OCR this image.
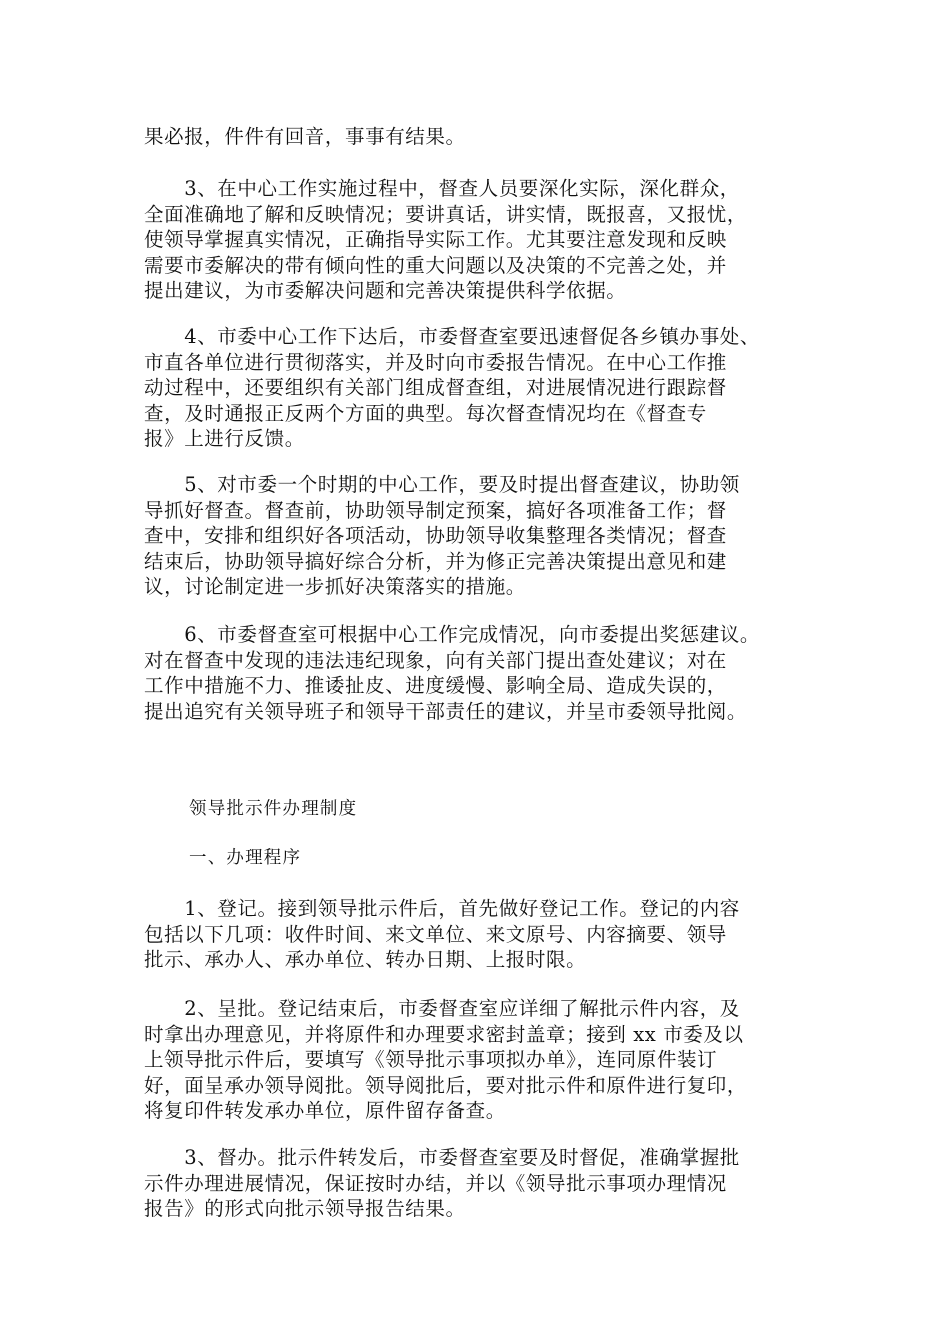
果必报，件件有回音，事事有结果。

　　3、在中心工作实施过程中，督查人员要深化实际，深化群众，
全面准确地了解和反映情况；要讲真话，讲实情，既报喜，又报忧，
使领导掌握真实情况，正确指导实际工作。尤其要注意发现和反映
需要市委解决的带有倾向性的重大问题以及决策的不完善之处，并
提出建议，为市委解决问题和完善决策提供科学依据。

　　4、市委中心工作下达后，市委督查室要迅速督促各乡镇办事处、
市直各单位进行贯彻落实，并及时向市委报告情况。在中心工作推
动过程中，还要组织有关部门组成督查组，对进展情况进行跟踪督
查，及时通报正反两个方面的典型。每次督查情况均在《督查专
报》上进行反馈。

　　5、对市委一个时期的中心工作，要及时提出督查建议，协助领
导抓好督查。督查前，协助领导制定预案，搞好各项准备工作；督
查中，安排和组织好各项活动，协助领导收集整理各类情况；督查
结束后，协助领导搞好综合分析，并为修正完善决策提出意见和建
议，讨论制定进一步抓好决策落实的措施。

　　6、市委督查室可根据中心工作完成情况，向市委提出奖惩建议。
对在督查中发现的违法违纪现象，向有关部门提出查处建议；对在
工作中措施不力、推诿扯皮、进度缓慢、影响全局、造成失误的，
提出追究有关领导班子和领导干部责任的建议，并呈市委领导批阅。

领导批示件办理制度
一、办理程序

　　1、登记。接到领导批示件后，首先做好登记工作。登记的内容
包括以下几项：收件时间、来文单位、来文原号、内容摘要、领导
批示、承办人、承办单位、转办日期、上报时限。

　　2、呈批。登记结束后，市委督查室应详细了解批示件内容，及
时拿出办理意见，并将原件和办理要求密封盖章；接到 xx 市委及以
上领导批示件后，要填写《领导批示事项拟办单》，连同原件装订
好，面呈承办领导阅批。领导阅批后，要对批示件和原件进行复印，
将复印件转发承办单位，原件留存备查。

　　3、督办。批示件转发后，市委督查室要及时督促，准确掌握批
示件办理进展情况，保证按时办结，并以《领导批示事项办理情况
报告》的形式向批示领导报告结果。
